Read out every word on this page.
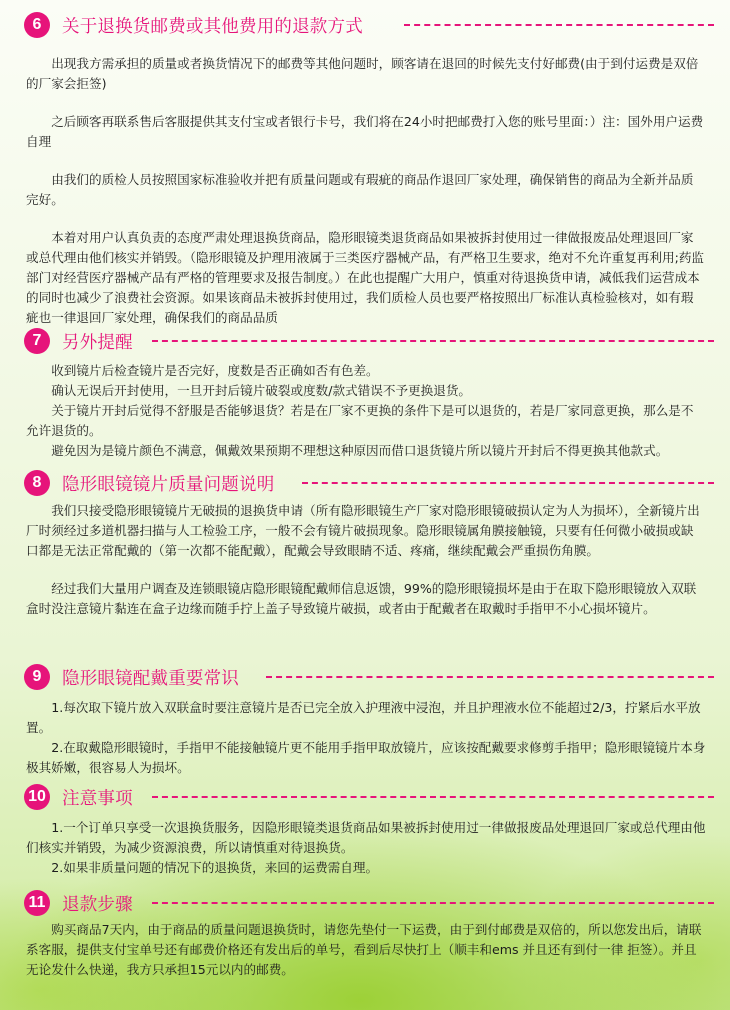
6	关于退换货邮费或其他费用的退款方式

出现我方需承担的质量或者换货情况下的邮费等其他问题时，顾客请在退回的时候先支付好邮费(由于到付运费是双倍的厂家会拒签)

之后顾客再联系售后客服提供其支付宝或者银行卡号，我们将在24小时把邮费打入您的账号里面：）注：国外用户运费自理

由我们的质检人员按照国家标准验收并把有质量问题或有瑕疵的商品作退回厂家处理，确保销售的商品为全新并品质完好。

本着对用户认真负责的态度严肃处理退换货商品，隐形眼镜类退货商品如果被拆封使用过一律做报废品处理退回厂家或总代理由他们核实并销毁。（隐形眼镜及护理用液属于三类医疗器械产品，有严格卫生要求，绝对不允许重复再利用;药监部门对经营医疗器械产品有严格的管理要求及报告制度。）在此也提醒广大用户，慎重对待退换货申请，减低我们运营成本的同时也减少了浪费社会资源。如果该商品未被拆封使用过，我们质检人员也要严格按照出厂标准认真检验核对，如有瑕疵也一律退回厂家处理，确保我们的商品品质

7	另外提醒

收到镜片后检查镜片是否完好，度数是否正确如否有色差。

确认无误后开封使用，一旦开封后镜片破裂或度数/款式错误不予更换退货。

关于镜片开封后觉得不舒服是否能够退货？若是在厂家不更换的条件下是可以退货的，若是厂家同意更换，那么是不允许退货的。

避免因为是镜片颜色不满意，佩戴效果预期不理想这种原因而借口退货镜片所以镜片开封后不得更换其他款式。

8	隐形眼镜镜片质量问题说明

我们只接受隐形眼镜镜片无破损的退换货申请（所有隐形眼镜生产厂家对隐形眼镜破损认定为人为损坏），全新镜片出厂时须经过多道机器扫描与人工检验工序，一般不会有镜片破损现象。隐形眼镜属角膜接触镜，只要有任何微小破损或缺口都是无法正常配戴的（第一次都不能配戴），配戴会导致眼睛不适、疼痛，继续配戴会严重损伤角膜。

经过我们大量用户调查及连锁眼镜店隐形眼镜配戴师信息返馈，99%的隐形眼镜损坏是由于在取下隐形眼镜放入双联盒时没注意镜片黏连在盒子边缘而随手拧上盖子导致镜片破损，或者由于配戴者在取戴时手指甲不小心损坏镜片。

9	隐形眼镜配戴重要常识

1.每次取下镜片放入双联盒时要注意镜片是否已完全放入护理液中浸泡，并且护理液水位不能超过2/3，拧紧后水平放置。

2.在取戴隐形眼镜时，手指甲不能接触镜片更不能用手指甲取放镜片，应该按配戴要求修剪手指甲；隐形眼镜镜片本身极其娇嫩，很容易人为损坏。

10 注意事项

1.一个订单只享受一次退换货服务，因隐形眼镜类退货商品如果被拆封使用过一律做报废品处理退回厂家或总代理由他们核实并销毁，为减少资源浪费，所以请慎重对待退换货。

2.如果非质量问题的情况下的退换货，来回的运费需自理。

11 退款步骤

购买商品7天内，由于商品的质量问题退换货时，请您先垫付一下运费，由于到付邮费是双倍的，所以您发出后，请联系客服，提供支付宝单号还有邮费价格还有发出后的单号，看到后尽快打上（顺丰和ems 并且还有到付一律 拒签）。并且无论发什么快递，我方只承担15元以内的邮费。
